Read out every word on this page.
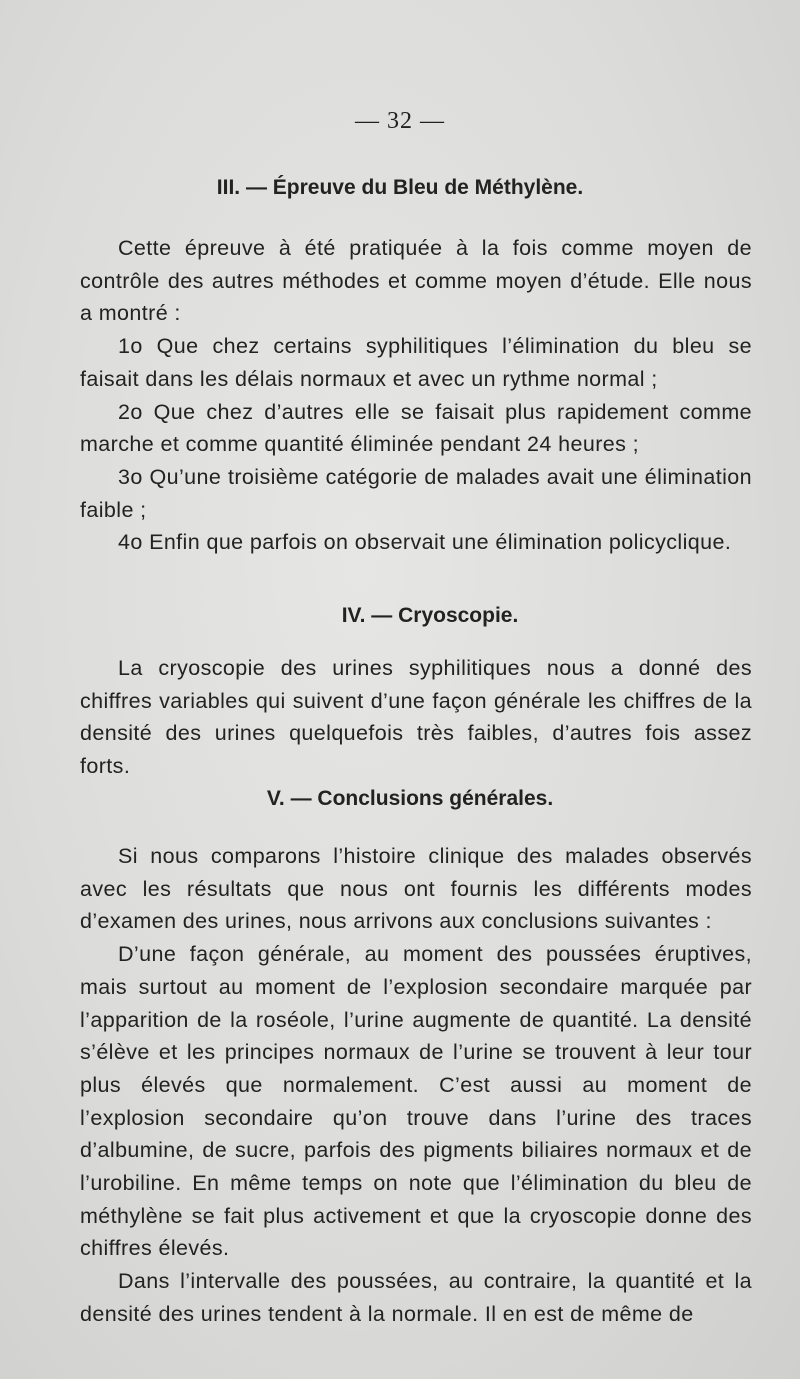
— 32 —
III. — Épreuve du Bleu de Méthylène.

Cette épreuve à été pratiquée à la fois comme moyen de contrôle des autres méthodes et comme moyen d’étude. Elle nous a montré :

1o Que chez certains syphilitiques l’élimination du bleu se faisait dans les délais normaux et avec un rythme normal ;

2o Que chez d’autres elle se faisait plus rapidement comme marche et comme quantité éliminée pendant 24 heures ;

3o Qu’une troisième catégorie de malades avait une élimination faible ;

4o Enfin que parfois on observait une élimination policyclique.

IV. — Cryoscopie.

La cryoscopie des urines syphilitiques nous a donné des chiffres variables qui suivent d’une façon générale les chiffres de la densité des urines quelquefois très faibles, d’autres fois assez forts.

V. — Conclusions générales.

Si nous comparons l’histoire clinique des malades observés avec les résultats que nous ont fournis les différents modes d’examen des urines, nous arrivons aux conclusions suivantes :

D’une façon générale, au moment des poussées éruptives, mais surtout au moment de l’explosion secondaire marquée par l’apparition de la roséole, l’urine augmente de quantité. La densité s’élève et les principes normaux de l’urine se trouvent à leur tour plus élevés que normalement. C’est aussi au moment de l’explosion secondaire qu’on trouve dans l’urine des traces d’albumine, de sucre, parfois des pigments biliaires normaux et de l’urobiline. En même temps on note que l’élimination du bleu de méthylène se fait plus activement et que la cryoscopie donne des chiffres élevés.

Dans l’intervalle des poussées, au contraire, la quantité et la densité des urines tendent à la normale. Il en est de même de
